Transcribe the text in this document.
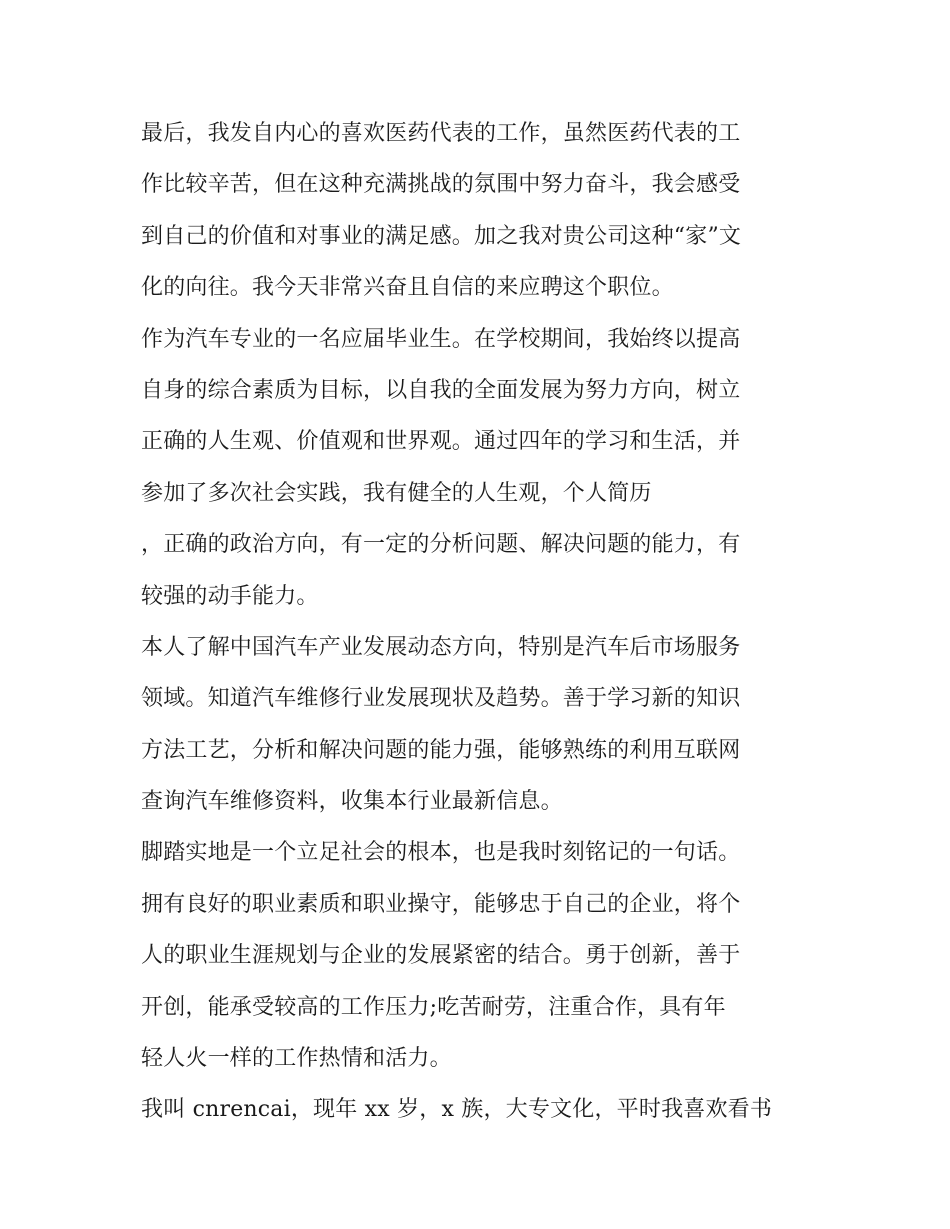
最后，我发自内心的喜欢医药代表的工作，虽然医药代表的工
作比较辛苦，但在这种充满挑战的氛围中努力奋斗，我会感受
到自己的价值和对事业的满足感。加之我对贵公司这种“家”文
化的向往。我今天非常兴奋且自信的来应聘这个职位。
作为汽车专业的一名应届毕业生。在学校期间，我始终以提高
自身的综合素质为目标，以自我的全面发展为努力方向，树立
正确的人生观、价值观和世界观。通过四年的学习和生活，并
参加了多次社会实践，我有健全的人生观，个人简历
，正确的政治方向，有一定的分析问题、解决问题的能力，有
较强的动手能力。
本人了解中国汽车产业发展动态方向，特别是汽车后市场服务
领域。知道汽车维修行业发展现状及趋势。善于学习新的知识
方法工艺，分析和解决问题的能力强，能够熟练的利用互联网
查询汽车维修资料，收集本行业最新信息。
脚踏实地是一个立足社会的根本，也是我时刻铭记的一句话。
拥有良好的职业素质和职业操守，能够忠于自己的企业，将个
人的职业生涯规划与企业的发展紧密的结合。勇于创新，善于
开创，能承受较高的工作压力;吃苦耐劳，注重合作，具有年
轻人火一样的工作热情和活力。
我叫 cnrencai，现年 xx 岁，x 族，大专文化，平时我喜欢看书
